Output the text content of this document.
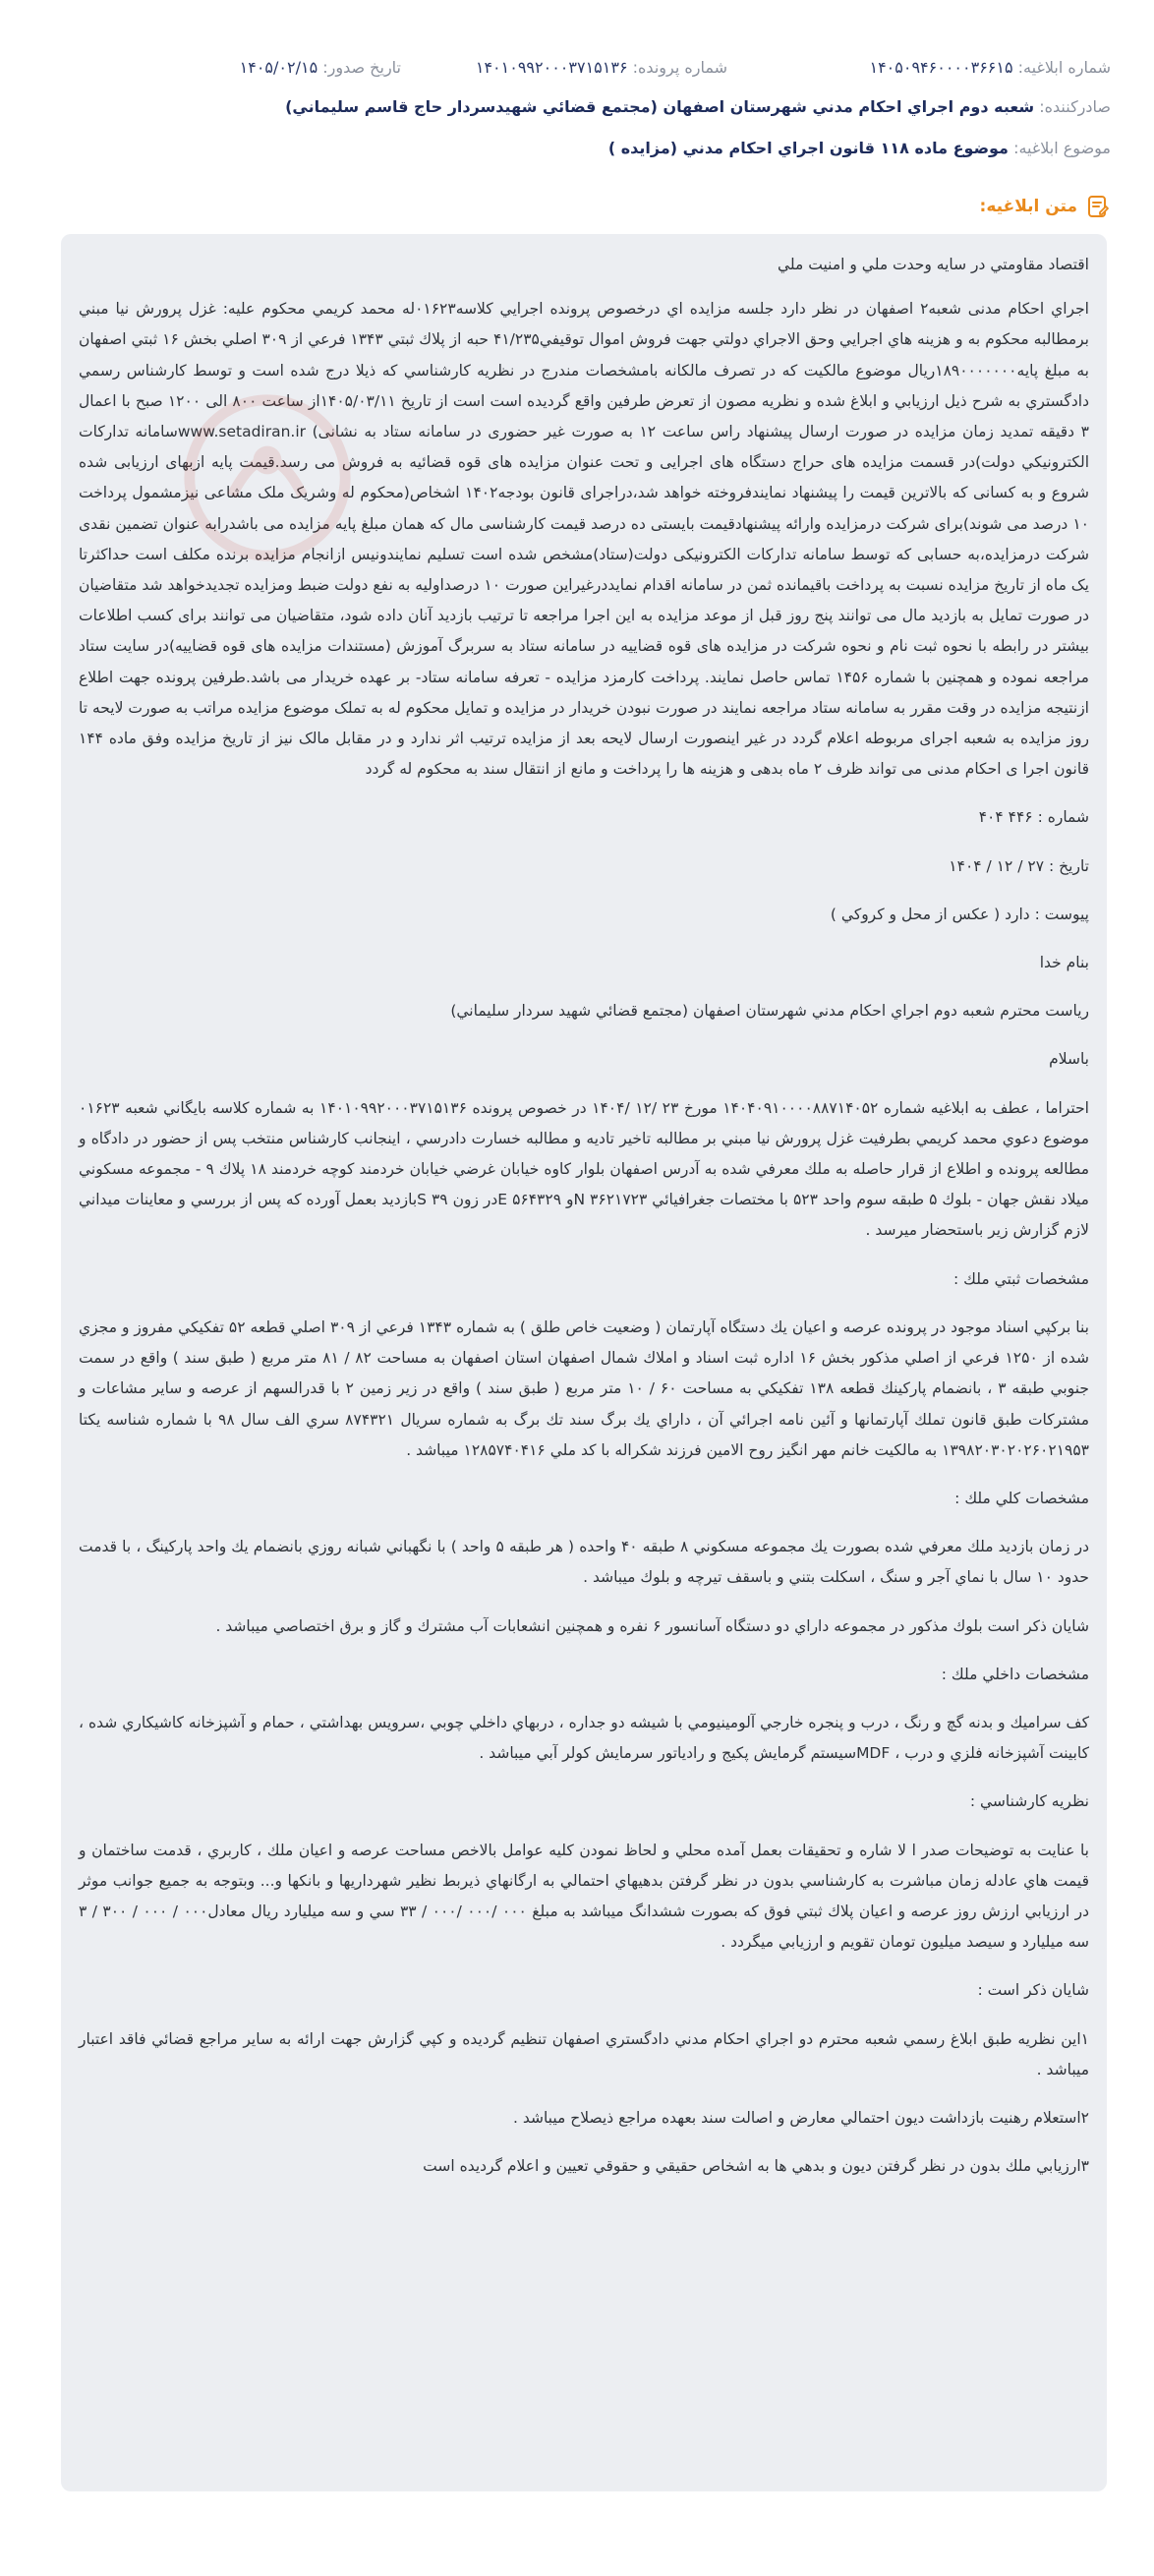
شماره ابلاغيه: ۱۴۰۵۰۹۴۶۰۰۰۰۳۶۶۱۵
شماره پرونده: ۱۴۰۱۰۹۹۲۰۰۰۳۷۱۵۱۳۶
تاريخ صدور: ۱۴۰۵/۰۲/۱۵
صادرکننده: شعبه دوم اجراي احكام مدني شهرستان اصفهان (مجتمع قضائي شهيدسردار حاج قاسم سليماني)
موضوع ابلاغيه: موضوع ماده ۱۱۸ قانون اجراي احکام مدني (مزايده )
متن ابلاغيه:

اقتصاد مقاومتي در سايه وحدت ملي و امنيت ملي

اجراي احكام مدنی شعبه۲ اصفهان در نظر دارد جلسه مزايده اي درخصوص پرونده اجرايي كلاسه۰۱۶۲۳له محمد كريمي محكوم عليه: غزل پرورش نيا مبني برمطالبه محكوم به و هزينه هاي اجرايي وحق الاجراي دولتي جهت فروش اموال توقيفي۴۱/۲۳۵ حبه از پلاك ثبتي ۱۳۴۳ فرعي از ۳۰۹ اصلي بخش ۱۶ ثبتي اصفهان به مبلغ پايه۱۸۹۰۰۰۰۰۰۰ريال موضوع مالكيت كه در تصرف مالكانه بامشخصات مندرج در نظريه كارشناسي كه ذيلا درج شده است و توسط كارشناس رسمي دادگستري به شرح ذيل ارزيابي و ابلاغ شده و نظريه مصون از تعرض طرفين واقع گرديده است است از تاريخ ۱۴۰۵/۰۳/۱۱از ساعت ۸۰۰ الی ۱۲۰۰ صبح با اعمال ۳ دقيقه تمديد زمان مزايده در صورت ارسال پيشنهاد راس ساعت ۱۲ به صورت غير حضوری در سامانه ستاد به نشانی) www.setadiran.irسامانه تداركات الكترونيكي دولت)در قسمت مزايده های حراج دستگاه های اجرايی و تحت عنوان مزايده های قوه قضائيه به فروش می رسد.قيمت پايه ازبهای ارزيابی شده شروع و به كسانی كه بالاترين قيمت را پيشنهاد نمايندفروخته خواهد شد،دراجرای قانون بودجه۱۴۰۲ اشخاص(محكوم له وشريک ملک مشاعی نيزمشمول پرداخت ۱۰ درصد می شوند)برای شركت درمزايده وارائه پيشنهادقيمت بايستی ده درصد قيمت كارشناسی مال كه همان مبلغ پايه مزايده می باشدرابه عنوان تضمين نقدی شركت درمزايده،به حسابی كه توسط سامانه تداركات الكترونيكی دولت(ستاد)مشخص شده است تسليم نمايندونيس ازانجام مزايده برنده مكلف است حداكثرتا يک ماه از تاريخ مزايده نسبت به پرداخت باقيمانده ثمن در سامانه اقدام نمايددرغيراين صورت ۱۰ درصداوليه به نفع دولت ضبط ومزايده تجديدخواهد شد متقاضيان در صورت تمايل به بازديد مال می توانند پنج روز قبل از موعد مزايده به اين اجرا مراجعه تا ترتيب بازديد آنان داده شود، متقاضيان می توانند برای كسب اطلاعات بيشتر در رابطه با نحوه ثبت نام و نحوه شركت در مزايده های قوه قضاييه در سامانه ستاد به سربرگ آموزش (مستندات مزايده های قوه قضاييه)در سايت ستاد مراجعه نموده و همچنين با شماره ۱۴۵۶ تماس حاصل نمايند. پرداخت كارمزد مزايده - تعرفه سامانه ستاد- بر عهده خريدار می باشد.طرفين پرونده جهت اطلاع ازنتيجه مزايده در وقت مقرر به سامانه ستاد مراجعه نمايند در صورت نبودن خريدار در مزايده و تمايل محكوم له به تملک موضوع مزايده مراتب به صورت لايحه تا روز مزايده به شعبه اجرای مربوطه اعلام گردد در غير اينصورت ارسال لايحه بعد از مزايده ترتيب اثر ندارد و در مقابل مالک نيز از تاريخ مزايده وفق ماده ۱۴۴ قانون اجرا ی احکام مدنی می تواند ظرف ۲ ماه بدهی و هزينه ها را پرداخت و مانع از انتقال سند به محکوم له گردد

شماره : ۴۴۶ ۴۰۴

تاريخ : ۲۷ / ۱۲ / ۱۴۰۴

پيوست : دارد ( عكس از محل و كروكي )

بنام خدا

رياست محترم شعبه دوم اجراي احكام مدني شهرستان اصفهان (مجتمع قضائي شهيد سردار سليماني)

باسلام

احتراما ، عطف به ابلاغيه شماره ۱۴۰۴۰۹۱۰۰۰۰۸۸۷۱۴۰۵۲ مورخ ۲۳ /۱۲ /۱۴۰۴ در خصوص پرونده ۱۴۰۱۰۹۹۲۰۰۰۳۷۱۵۱۳۶ به شماره كلاسه بايگاني شعبه ۰۱۶۲۳ موضوع دعوي محمد كريمي بطرفيت غزل پرورش نيا مبني بر مطالبه تاخير تاديه و مطالبه خسارت دادرسي ، اينجانب كارشناس منتخب پس از حضور در دادگاه و مطالعه پرونده و اطلاع از قرار حاصله به ملك معرفي شده به آدرس اصفهان بلوار كاوه خيابان غرضي خيابان خردمند كوچه خردمند ۱۸ پلاك ۹ - مجموعه مسكوني ميلاد نقش جهان - بلوك ۵ طبقه سوم واحد ۵۲۳ با مختصات جغرافيائي ۳۶۲۱۷۲۳ Nو ۵۶۴۳۲۹ Eدر زون ۳۹ Sبازديد بعمل آورده كه پس از بررسي و معاينات ميداني لازم گزارش زير باستحضار ميرسد .

مشخصات ثبتي ملك :

بنا برکپي اسناد موجود در پرونده عرصه و اعيان يك دستگاه آپارتمان ( وضعيت خاص طلق ) به شماره ۱۳۴۳ فرعي از ۳۰۹ اصلي قطعه ۵۲ تفكيكي مفروز و مجزي شده از ۱۲۵۰ فرعي از اصلي مذكور بخش ۱۶ اداره ثبت اسناد و املاك شمال اصفهان استان اصفهان به مساحت ۸۲ / ۸۱ متر مربع ( طبق سند ) واقع در سمت جنوبي طبقه ۳ ، بانضمام پاركينك قطعه ۱۳۸ تفكيكي به مساحت ۶۰ / ۱۰ متر مربع ( طبق سند ) واقع در زير زمين ۲ با قدرالسهم از عرصه و ساير مشاعات و مشتركات طبق قانون تملك آپارتمانها و آئين نامه اجرائي آن ، داراي يك برگ سند تك برگ به شماره سريال ۸۷۴۳۲۱ سري الف سال ۹۸ با شماره شناسه يكتا ۱۳۹۸۲۰۳۰۲۰۲۶۰۲۱۹۵۳ به مالكيت خانم مهر انگيز روح الامين فرزند شكراله با كد ملي ۱۲۸۵۷۴۰۴۱۶ ميباشد .

مشخصات كلي ملك :

در زمان بازديد ملك معرفي شده بصورت يك مجموعه مسكوني ۸ طبقه ۴۰ واحده ( هر طبقه ۵ واحد ) با نگهباني شبانه روزي بانضمام يك واحد پاركينگ ، با قدمت حدود ۱۰ سال با نماي آجر و سنگ ، اسكلت بتني و باسقف تيرچه و بلوك ميباشد .

شايان ذكر است بلوك مذكور در مجموعه داراي دو دستگاه آسانسور ۶ نفره و همچنين انشعابات آب مشترك و گاز و برق اختصاصي ميباشد .

مشخصات داخلي ملك :

كف سراميك و بدنه گچ و رنگ ، درب و پنجره خارجي آلومينيومي با شيشه دو جداره ، دربهاي داخلي چوبي ،سرويس بهداشتي ، حمام و آشپزخانه كاشيكاري شده ، كابينت آشپزخانه فلزي و درب ، MDFسيستم گرمايش پكيج و رادياتور سرمايش كولر آبي ميباشد .

نظريه كارشناسي :

با عنايت به توضيحات صدر ا لا شاره و تحقيقات بعمل آمده محلي و لحاظ نمودن كليه عوامل بالاخص مساحت عرصه و اعيان ملك ، كاربري ، قدمت ساختمان و قيمت هاي عادله زمان مباشرت به كارشناسي بدون در نظر گرفتن بدهيهاي احتمالي به ارگانهاي ذيربط نظير شهرداريها و بانكها و... وبتوجه به جميع جوانب موثر در ارزيابي ارزش روز عرصه و اعيان پلاك ثبتي فوق كه بصورت ششدانگ ميباشد به مبلغ ۰۰۰ /۰۰۰ /۰۰۰ / ۳۳ سي و سه ميليارد ريال معادل۰۰۰ / ۰۰۰ / ۳۰۰ / ۳ سه ميليارد و سيصد ميليون تومان تقويم و ارزيابي ميگردد .

شايان ذكر است :

۱اين نظريه طبق ابلاغ رسمي شعبه محترم دو اجراي احكام مدني دادگستري اصفهان تنظيم گرديده و كپي گزارش جهت ارائه به ساير مراجع قضائي فاقد اعتبار ميباشد .

۲استعلام رهنيت بازداشت ديون احتمالي معارض و اصالت سند بعهده مراجع ذيصلاح ميباشد .

۳ارزيابي ملك بدون در نظر گرفتن ديون و بدهي ها به اشخاص حقيقي و حقوقي تعيين و اعلام گرديده است
